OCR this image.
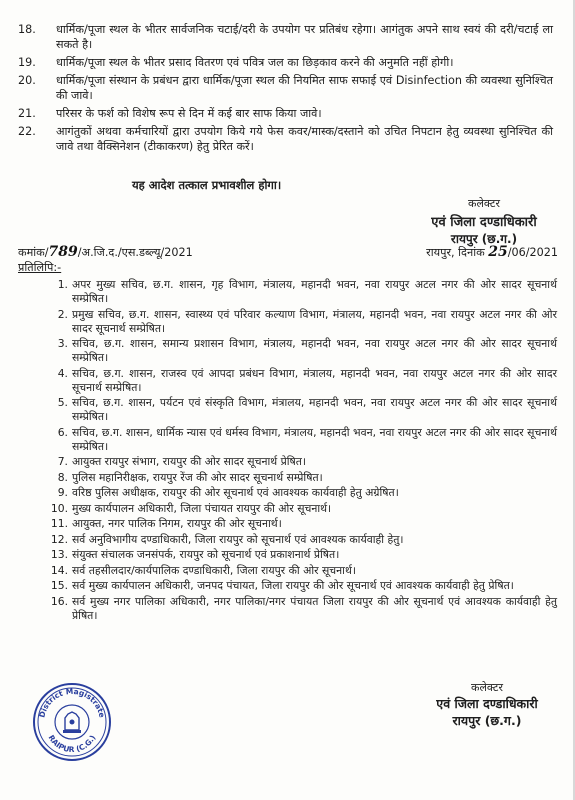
18.	धार्मिक/पूजा स्थल के भीतर सार्वजनिक चटाई/दरी के उपयोग पर प्रतिबंध रहेगा। आगंतुक अपने साथ स्वयं की दरी/चटाई ला सकते है।
19.	धार्मिक/पूजा स्थल के भीतर प्रसाद वितरण एवं पवित्र जल का छिड़काव करने की अनुमति नहीं होगी।
20.	धार्मिक/पूजा संस्थान के प्रबंधन द्वारा धार्मिक/पूजा स्थल की नियमित साफ सफाई एवं Disinfection की व्यवस्था सुनिश्चित की जावे।
21.	परिसर के फर्श को विशेष रूप से दिन में कई बार साफ किया जावे।
22.	आगंतुकों अथवा कर्मचारियों द्वारा उपयोग किये गये फेस कवर/मास्क/दस्ताने को उचित निपटान हेतु व्यवस्था सुनिश्चित की जावे तथा वैक्सिनेशन (टीकाकरण) हेतु प्रेरित करें।
यह आदेश तत्काल प्रभावशील होगा।
कलेक्टर
एवं जिला दण्डाधिकारी
रायपुर (छ.ग.)
कमांक/789/अ.जि.द./एस.डब्ल्यू/2021	रायपुर, दिनांक 25/06/2021
प्रतिलिपि:-
1. अपर मुख्य सचिव, छ.ग. शासन, गृह विभाग, मंत्रालय, महानदी भवन, नवा रायपुर अटल नगर की ओर सादर सूचनार्थ सम्प्रेषित।
2. प्रमुख सचिव, छ.ग. शासन, स्वास्थ्य एवं परिवार कल्याण विभाग, मंत्रालय, महानदी भवन, नवा रायपुर अटल नगर की ओर सादर सूचनार्थ सम्प्रेषित।
3. सचिव, छ.ग. शासन, समान्य प्रशासन विभाग, मंत्रालय, महानदी भवन, नवा रायपुर अटल नगर की ओर सादर सूचनार्थ सम्प्रेषित।
4. सचिव, छ.ग. शासन, राजस्व एवं आपदा प्रबंधन विभाग, मंत्रालय, महानदी भवन, नवा रायपुर अटल नगर की ओर सादर सूचनार्थ सम्प्रेषित।
5. सचिव, छ.ग. शासन, पर्यटन एवं संस्कृति विभाग, मंत्रालय, महानदी भवन, नवा रायपुर अटल नगर की ओर सादर सूचनार्थ सम्प्रेषित।
6. सचिव, छ.ग. शासन, धार्मिक न्यास एवं धर्मस्व विभाग, मंत्रालय, महानदी भवन, नवा रायपुर अटल नगर की ओर सादर सूचनार्थ सम्प्रेषित।
7. आयुक्त रायपुर संभाग, रायपुर की ओर सादर सूचनार्थ प्रेषित।
8. पुलिस महानिरीक्षक, रायपुर रेंज की ओर सादर सूचनार्थ सम्प्रेषित।
9. वरिष्ठ पुलिस अधीक्षक, रायपुर की ओर सूचनार्थ एवं आवश्यक कार्यवाही हेतु अग्रेषित।
10. मुख्य कार्यपालन अधिकारी, जिला पंचायत रायपुर की ओर सूचनार्थ।
11. आयुक्त, नगर पालिक निगम, रायपुर की ओर सूचनार्थ।
12. सर्व अनुविभागीय दण्डाधिकारी, जिला रायपुर को सूचनार्थ एवं आवश्यक कार्यवाही हेतु।
13. संयुक्त संचालक जनसंपर्क, रायपुर को सूचनार्थ एवं प्रकाशनार्थ प्रेषित।
14. सर्व तहसीलदार/कार्यपालिक दण्डाधिकारी, जिला रायपुर की ओर सूचनार्थ।
15. सर्व मुख्य कार्यपालन अधिकारी, जनपद पंचायत, जिला रायपुर की ओर सूचनार्थ एवं आवश्यक कार्यवाही हेतु प्रेषित।
16. सर्व मुख्य नगर पालिका अधिकारी, नगर पालिका/नगर पंचायत जिला रायपुर की ओर सूचनार्थ एवं आवश्यक कार्यवाही हेतु प्रेषित।
District Magistrate
RAIPUR (C.G.)
कलेक्टर
एवं जिला दण्डाधिकारी
रायपुर (छ.ग.)
